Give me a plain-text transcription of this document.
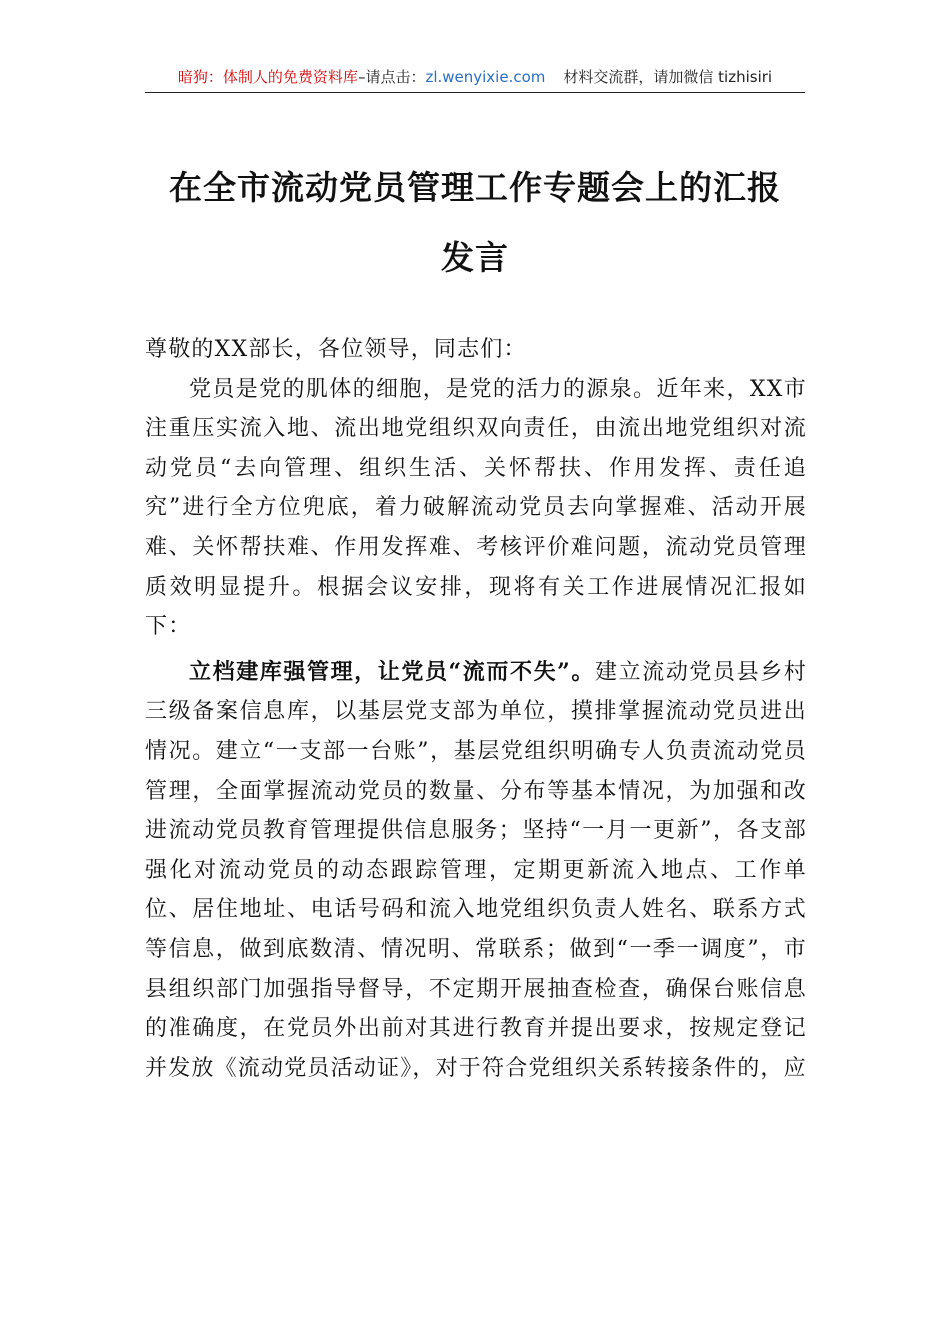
暗狗：体制人的免费资料库–请点击：zl.wenyixie.com 材料交流群，请加微信 tizhisiri
在全市流动党员管理工作专题会上的汇报
发言

尊敬的XX部长，各位领导，同志们：

党员是党的肌体的细胞，是党的活力的源泉。近年来，XX市注重压实流入地、流出地党组织双向责任，由流出地党组织对流动党员“去向管理、组织生活、关怀帮扶、作用发挥、责任追究”进行全方位兜底，着力破解流动党员去向掌握难、活动开展难、关怀帮扶难、作用发挥难、考核评价难问题，流动党员管理质效明显提升。根据会议安排，现将有关工作进展情况汇报如下：

立档建库强管理，让党员“流而不失”。建立流动党员县乡村三级备案信息库，以基层党支部为单位，摸排掌握流动党员进出情况。建立“一支部一台账”，基层党组织明确专人负责流动党员管理，全面掌握流动党员的数量、分布等基本情况，为加强和改进流动党员教育管理提供信息服务；坚持“一月一更新”，各支部强化对流动党员的动态跟踪管理，定期更新流入地点、工作单位、居住地址、电话号码和流入地党组织负责人姓名、联系方式等信息，做到底数清、情况明、常联系；做到“一季一调度”，市县组织部门加强指导督导，不定期开展抽查检查，确保台账信息的准确度，在党员外出前对其进行教育并提出要求，按规定登记并发放《流动党员活动证》，对于符合党组织关系转接条件的，应
